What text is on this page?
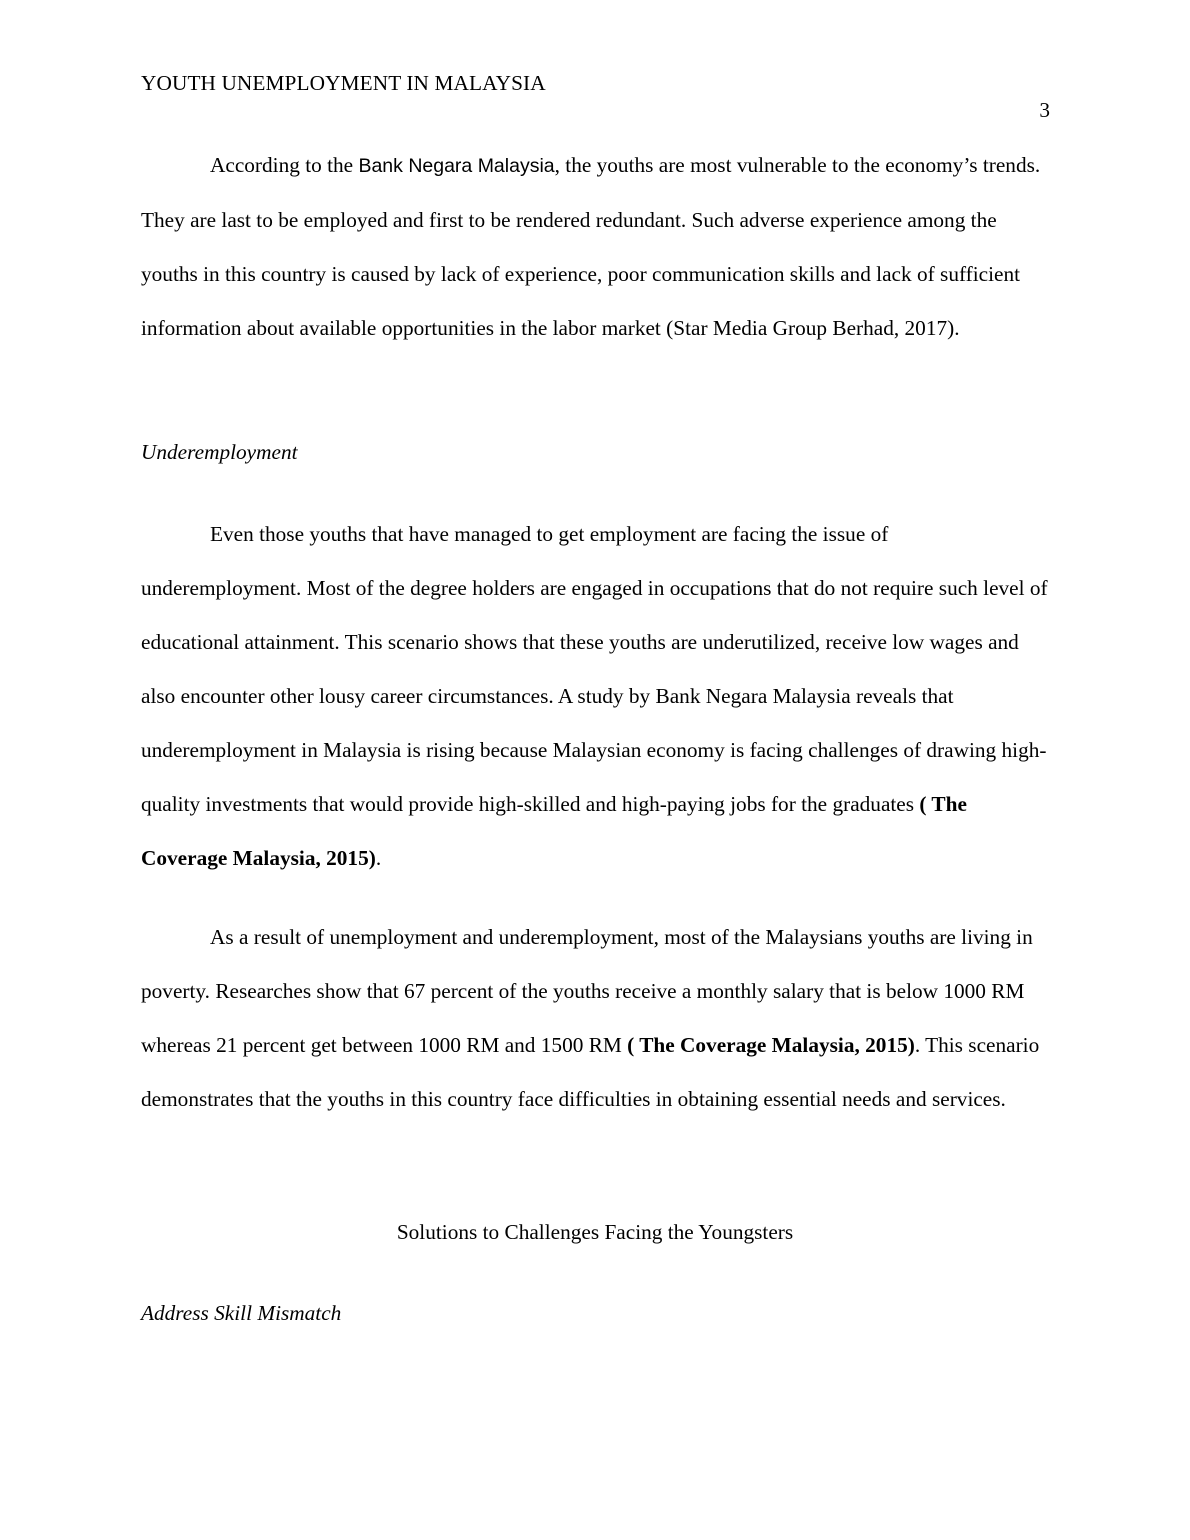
YOUTH UNEMPLOYMENT IN MALAYSIA
3

According to the Bank Negara Malaysia, the youths are most vulnerable to the economy’s trends. They are last to be employed and first to be rendered redundant. Such adverse experience among the youths in this country is caused by lack of experience, poor communication skills and lack of sufficient information about available opportunities in the labor market (Star Media Group Berhad, 2017).

Underemployment

Even those youths that have managed to get employment are facing the issue of underemployment. Most of the degree holders are engaged in occupations that do not require such level of educational attainment. This scenario shows that these youths are underutilized, receive low wages and also encounter other lousy career circumstances. A study by Bank Negara Malaysia reveals that underemployment in Malaysia is rising because Malaysian economy is facing challenges of drawing high-quality investments that would provide high-skilled and high-paying jobs for the graduates ( The Coverage Malaysia, 2015).

As a result of unemployment and underemployment, most of the Malaysians youths are living in poverty. Researches show that 67 percent of the youths receive a monthly salary that is below 1000 RM whereas 21 percent get between 1000 RM and 1500 RM ( The Coverage Malaysia, 2015). This scenario demonstrates that the youths in this country face difficulties in obtaining essential needs and services.

Solutions to Challenges Facing the Youngsters

Address Skill Mismatch
